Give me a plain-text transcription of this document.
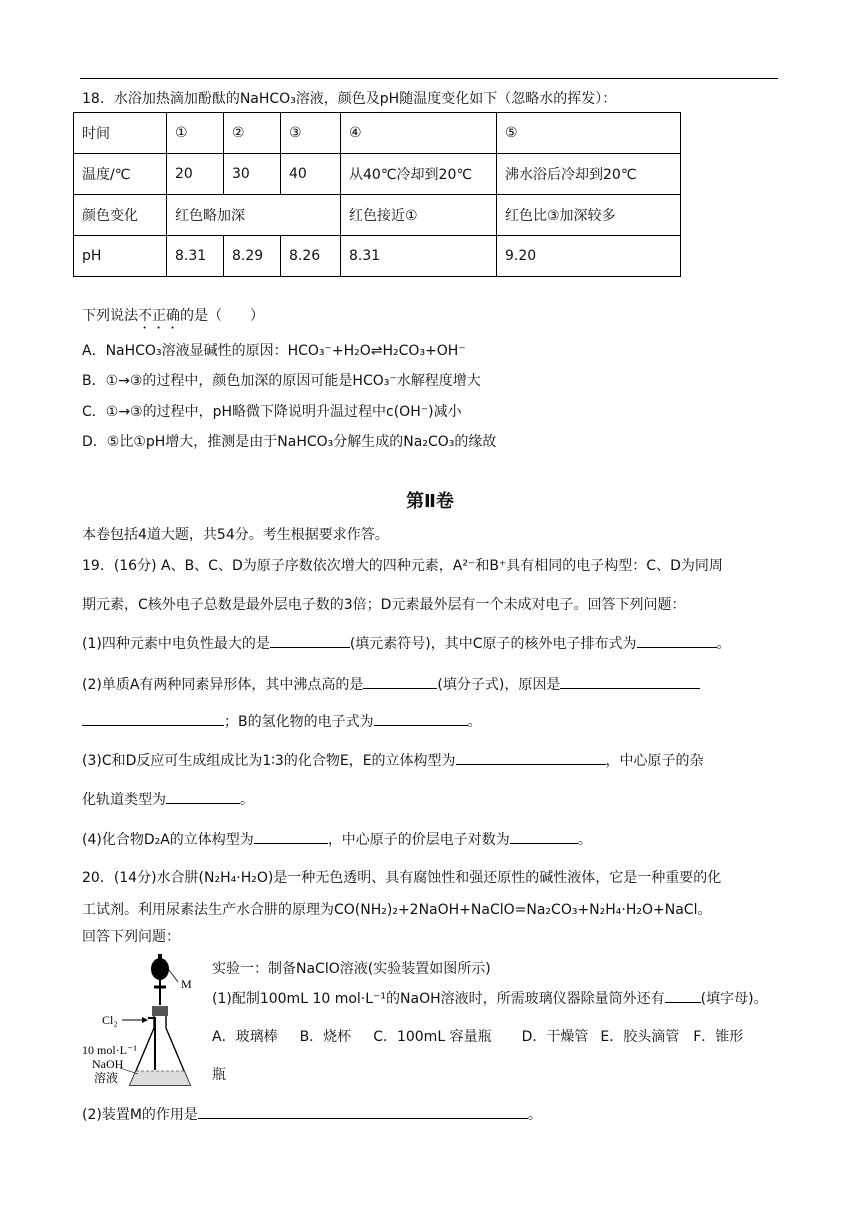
18．水浴加热滴加酚酞的NaHCO₃溶液，颜色及pH随温度变化如下（忽略水的挥发）：
时间	①	②	③	④	⑤
温度/℃	20	30	40	从40℃冷却到20℃	沸水浴后冷却到20℃
颜色变化	红色略加深			红色接近①	红色比③加深较多
pH	8.31	8.29	8.26	8.31	9.20
下列说法不正确的是（　　）
A．NaHCO₃溶液显碱性的原因：HCO₃⁻+H₂O⇌H₂CO₃+OH⁻
B．①→③的过程中，颜色加深的原因可能是HCO₃⁻水解程度增大
C．①→③的过程中，pH略微下降说明升温过程中c(OH⁻)减小
D．⑤比①pH增大，推测是由于NaHCO₃分解生成的Na₂CO₃的缘故
第Ⅱ卷
本卷包括4道大题，共54分。考生根据要求作答。
19．(16分) A、B、C、D为原子序数依次增大的四种元素，A²⁻和B⁺具有相同的电子构型：C、D为同周
期元素，C核外电子总数是最外层电子数的3倍；D元素最外层有一个未成对电子。回答下列问题：
(1)四种元素中电负性最大的是	(填元素符号)，其中C原子的核外电子排布式为	。
(2)单质A有两种同素异形体，其中沸点高的是	(填分子式)，原因是
；B的氢化物的电子式为	。
(3)C和D反应可生成组成比为1∶3的化合物E，E的立体构型为	，中心原子的杂
化轨道类型为	。
(4)化合物D₂A的立体构型为	，中心原子的价层电子对数为	。
20．(14分)水合肼(N₂H₄·H₂O)是一种无色透明、具有腐蚀性和强还原性的碱性液体，它是一种重要的化
工试剂。利用尿素法生产水合肼的原理为CO(NH₂)₂+2NaOH+NaClO=Na₂CO₃+N₂H₄·H₂O+NaCl。
回答下列问题：
M
Cl₂
10 mol·L⁻¹
NaOH
溶液
实验一：制备NaClO溶液(实验装置如图所示)
(1)配制100mL 10 mol·L⁻¹的NaOH溶液时，所需玻璃仪器除量筒外还有	(填字母)。
A．玻璃棒 B．烧杯 C．100mL 容量瓶 D．干燥管 E．胶头滴管 F．锥形
瓶
(2)装置M的作用是	。
